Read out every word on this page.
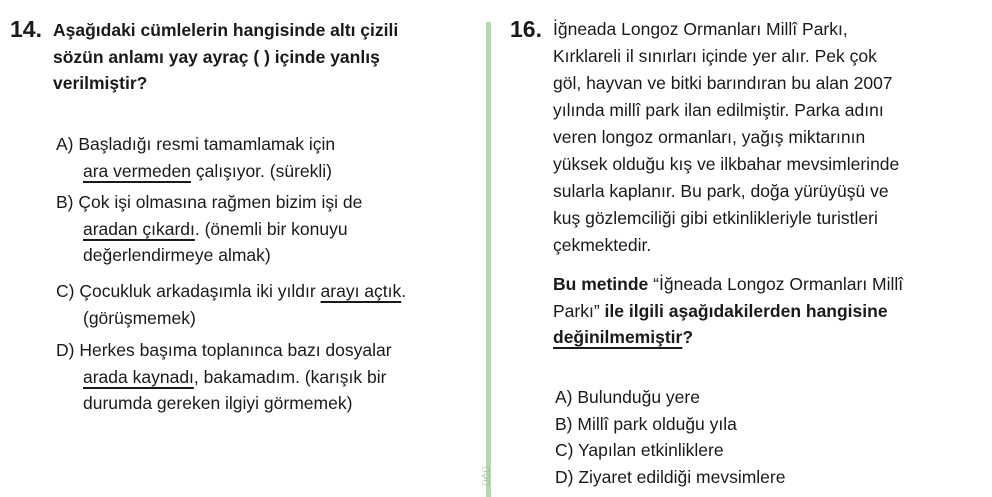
14. Aşağıdaki cümlelerin hangisinde altı çizili
sözün anlamı yay ayraç ( ) içinde yanlış
verilmiştir?
A) Başladığı resmi tamamlamak için
ara vermeden çalışıyor. (sürekli)
B) Çok işi olmasına rağmen bizim işi de
aradan çıkardı. (önemli bir konuyu
değerlendirmeye almak)
C) Çocukluk arkadaşımla iki yıldır arayı açtık.
(görüşmemek)
D) Herkes başıma toplanınca bazı dosyalar
arada kaynadı, bakamadım. (karışık bir
durumda gereken ilgiyi görmemek)
ÜĞÜ
16. İğneada Longoz Ormanları Millî Parkı,
Kırklareli il sınırları içinde yer alır. Pek çok
göl, hayvan ve bitki barındıran bu alan 2007
yılında millî park ilan edilmiştir. Parka adını
veren longoz ormanları, yağış miktarının
yüksek olduğu kış ve ilkbahar mevsimlerinde
sularla kaplanır. Bu park, doğa yürüyüşü ve
kuş gözlemciliği gibi etkinlikleriyle turistleri
çekmektedir.
Bu metinde “İğneada Longoz Ormanları Millî
Parkı” ile ilgili aşağıdakilerden hangisine
değinilmemiştir?
A) Bulunduğu yere
B) Millî park olduğu yıla
C) Yapılan etkinliklere
D) Ziyaret edildiği mevsimlere
